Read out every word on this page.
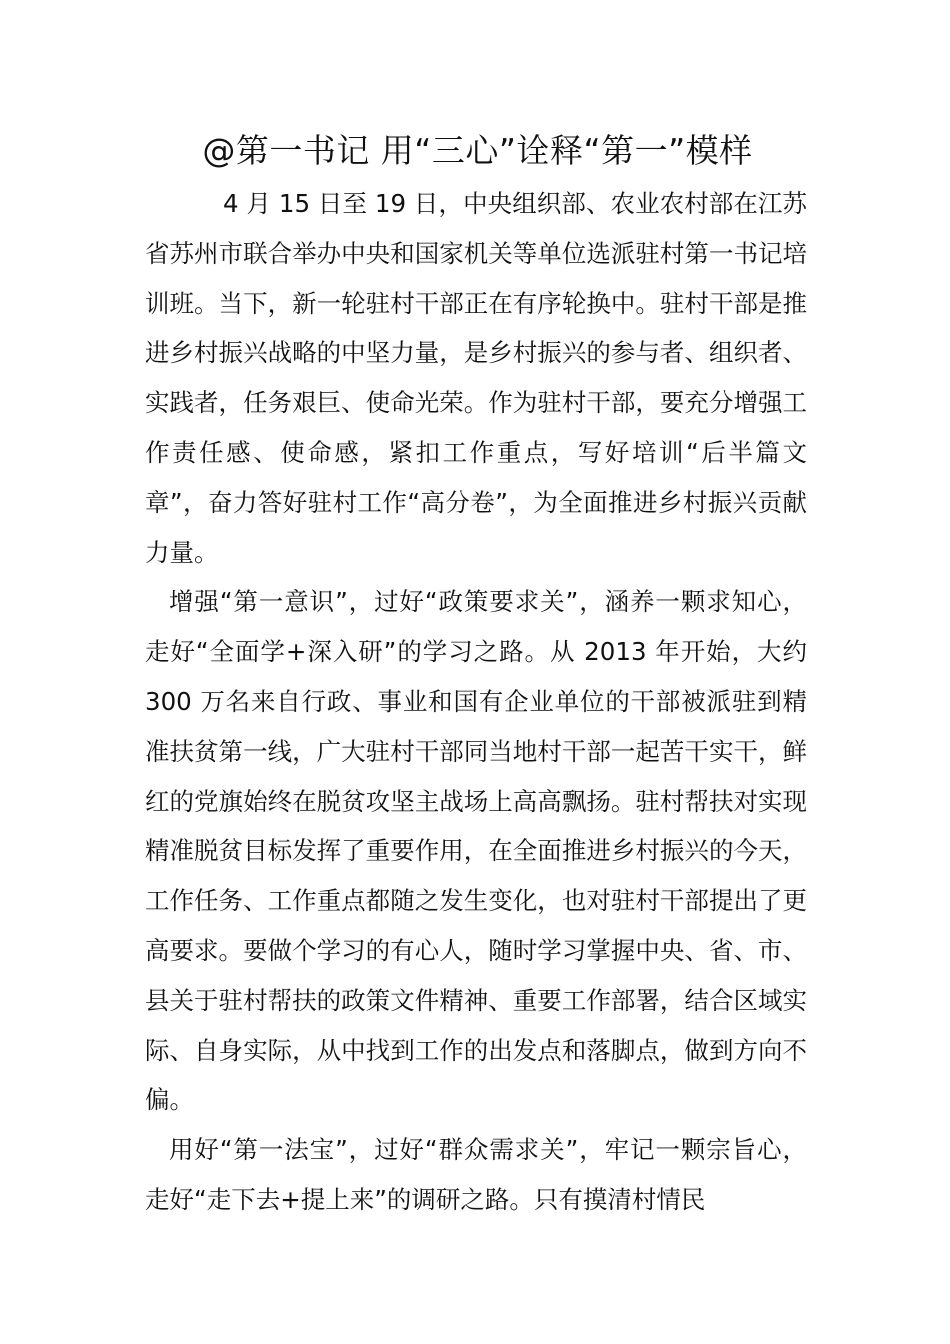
@第一书记 用“三心”诠释“第一”模样

4 月 15 日至 19 日，中央组织部、农业农村部在江苏省苏州市联合举办中央和国家机关等单位选派驻村第一书记培训班。当下，新一轮驻村干部正在有序轮换中。驻村干部是推进乡村振兴战略的中坚力量，是乡村振兴的参与者、组织者、实践者，任务艰巨、使命光荣。作为驻村干部，要充分增强工作责任感、使命感，紧扣工作重点，写好培训“后半篇文章”，奋力答好驻村工作“高分卷”，为全面推进乡村振兴贡献力量。

增强“第一意识”，过好“政策要求关”，涵养一颗求知心，走好“全面学+深入研”的学习之路。从 2013 年开始，大约 300 万名来自行政、事业和国有企业单位的干部被派驻到精准扶贫第一线，广大驻村干部同当地村干部一起苦干实干，鲜红的党旗始终在脱贫攻坚主战场上高高飘扬。驻村帮扶对实现精准脱贫目标发挥了重要作用，在全面推进乡村振兴的今天，工作任务、工作重点都随之发生变化，也对驻村干部提出了更高要求。要做个学习的有心人，随时学习掌握中央、省、市、县关于驻村帮扶的政策文件精神、重要工作部署，结合区域实际、自身实际，从中找到工作的出发点和落脚点，做到方向不偏。

用好“第一法宝”，过好“群众需求关”，牢记一颗宗旨心，走好“走下去+提上来”的调研之路。只有摸清村情民
